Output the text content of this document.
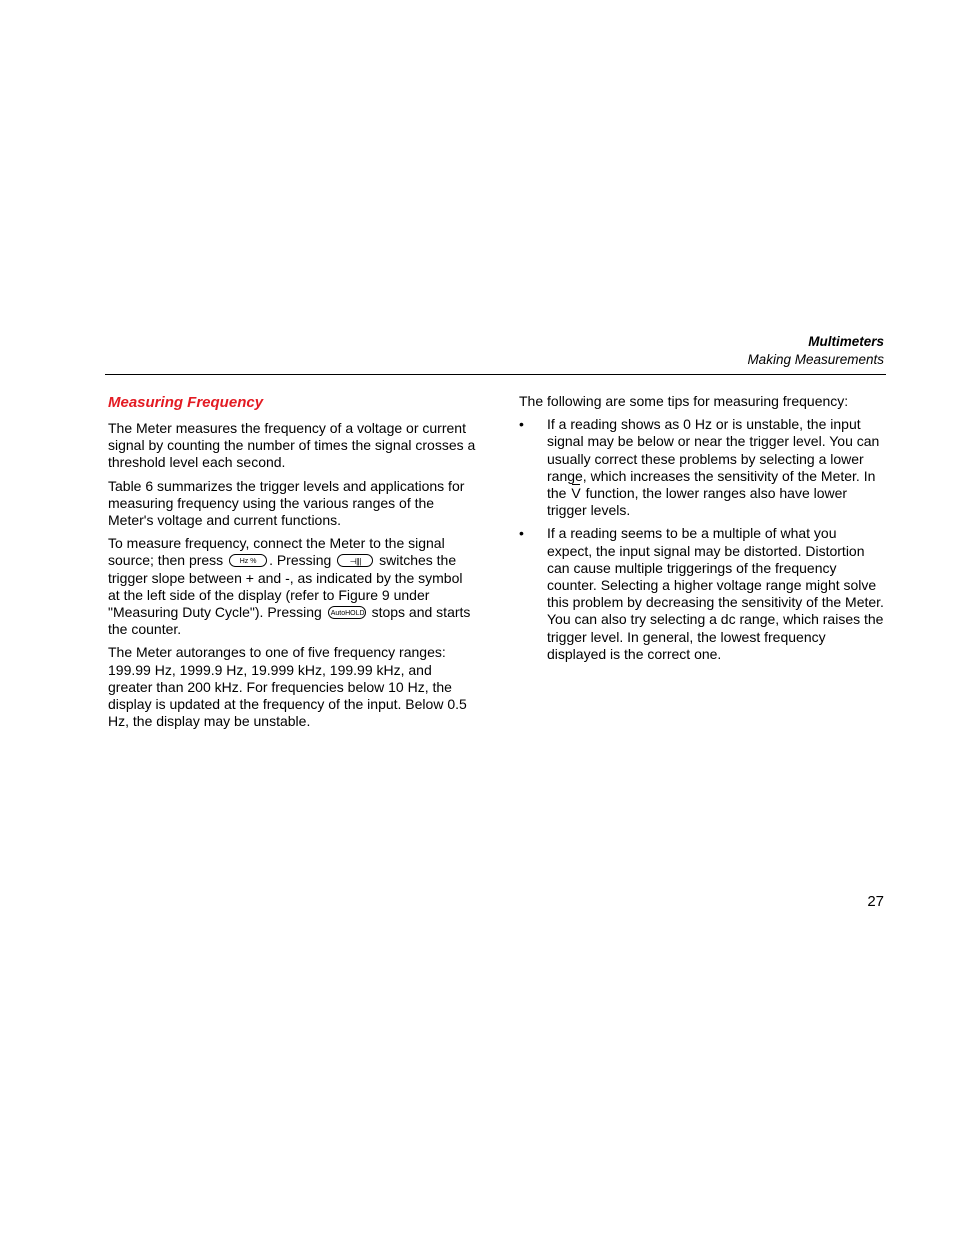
Multimeters
Making Measurements
Measuring Frequency

The Meter measures the frequency of a voltage or current signal by counting the number of times the signal crosses a threshold level each second.

Table 6 summarizes the trigger levels and applications for measuring frequency using the various ranges of the Meter's voltage and current functions.

To measure frequency, connect the Meter to the signal source; then press Hz % . Pressing ⊣||| switches the trigger slope between + and -, as indicated by the symbol at the left side of the display (refer to Figure 9 under "Measuring Duty Cycle"). Pressing AutoHOLD stops and starts the counter.

The Meter autoranges to one of five frequency ranges: 199.99 Hz, 1999.9 Hz, 19.999 kHz, 199.99 kHz, and greater than 200 kHz. For frequencies below 10 Hz, the display is updated at the frequency of the input. Below 0.5 Hz, the display may be unstable.

The following are some tips for measuring frequency:

• If a reading shows as 0 Hz or is unstable, the input signal may be below or near the trigger level. You can usually correct these problems by selecting a lower range, which increases the sensitivity of the Meter. In the V
function, the lower ranges also have lower trigger levels.
• If a reading seems to be a multiple of what you expect, the input signal may be distorted. Distortion can cause multiple triggerings of the frequency counter. Selecting a higher voltage range might solve this problem by decreasing the sensitivity of the Meter. You can also try selecting a dc range, which raises the trigger level. In general, the lowest frequency displayed is the correct one.
27
